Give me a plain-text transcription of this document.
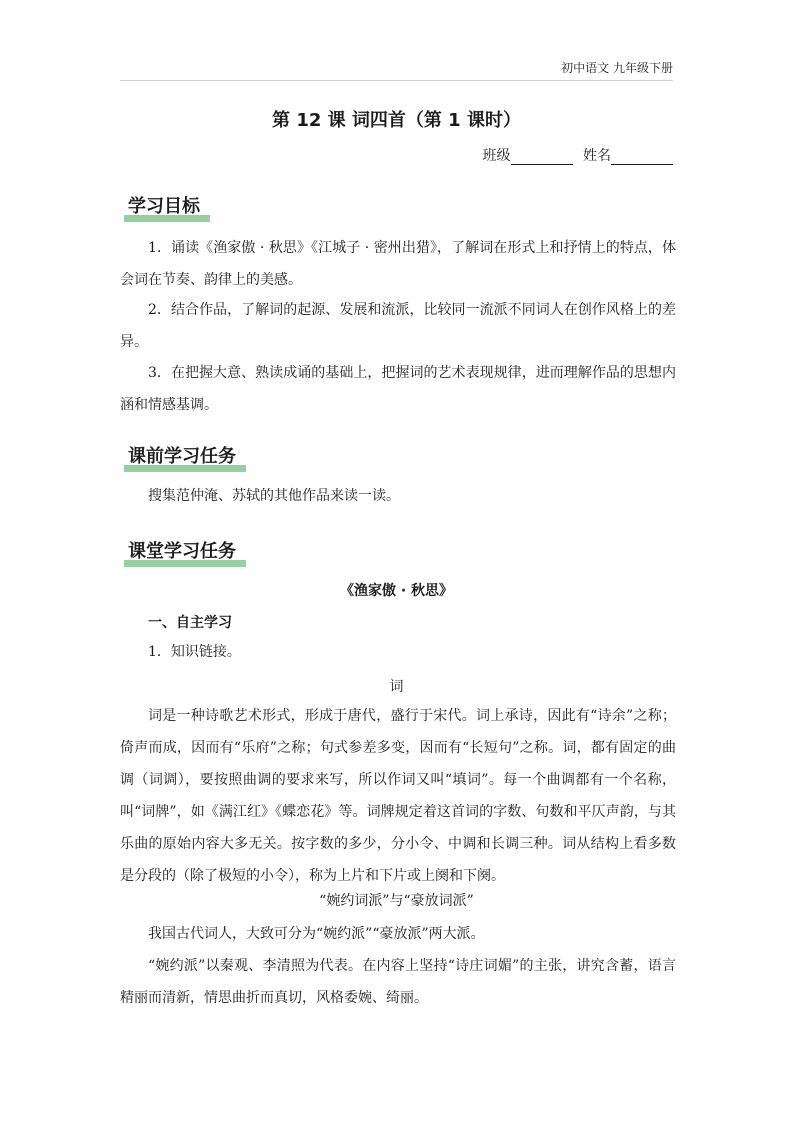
初中语文 九年级下册
第 12 课 词四首（第 1 课时）
班级	姓名
学习目标
1．诵读《渔家傲 · 秋思》《江城子 · 密州出猎》，了解词在形式上和抒情上的特点，体会词在节奏、韵律上的美感。
2．结合作品，了解词的起源、发展和流派，比较同一流派不同词人在创作风格上的差异。
3．在把握大意、熟读成诵的基础上，把握词的艺术表现规律，进而理解作品的思想内涵和情感基调。
课前学习任务
搜集范仲淹、苏轼的其他作品来读一读。
课堂学习任务
《渔家傲 · 秋思》
一、自主学习
1．知识链接。
词
词是一种诗歌艺术形式，形成于唐代，盛行于宋代。词上承诗，因此有“诗余”之称；倚声而成，因而有“乐府”之称；句式参差多变，因而有“长短句”之称。词，都有固定的曲调（词调），要按照曲调的要求来写，所以作词又叫“填词”。每一个曲调都有一个名称，叫“词牌”，如《满江红》《蝶恋花》等。词牌规定着这首词的字数、句数和平仄声韵，与其乐曲的原始内容大多无关。按字数的多少，分小令、中调和长调三种。词从结构上看多数是分段的（除了极短的小令），称为上片和下片或上阕和下阕。
“婉约词派”与“豪放词派”
我国古代词人，大致可分为“婉约派”“豪放派”两大派。
“婉约派”以秦观、李清照为代表。在内容上坚持“诗庄词媚”的主张，讲究含蓄，语言精丽而清新，情思曲折而真切，风格委婉、绮丽。
